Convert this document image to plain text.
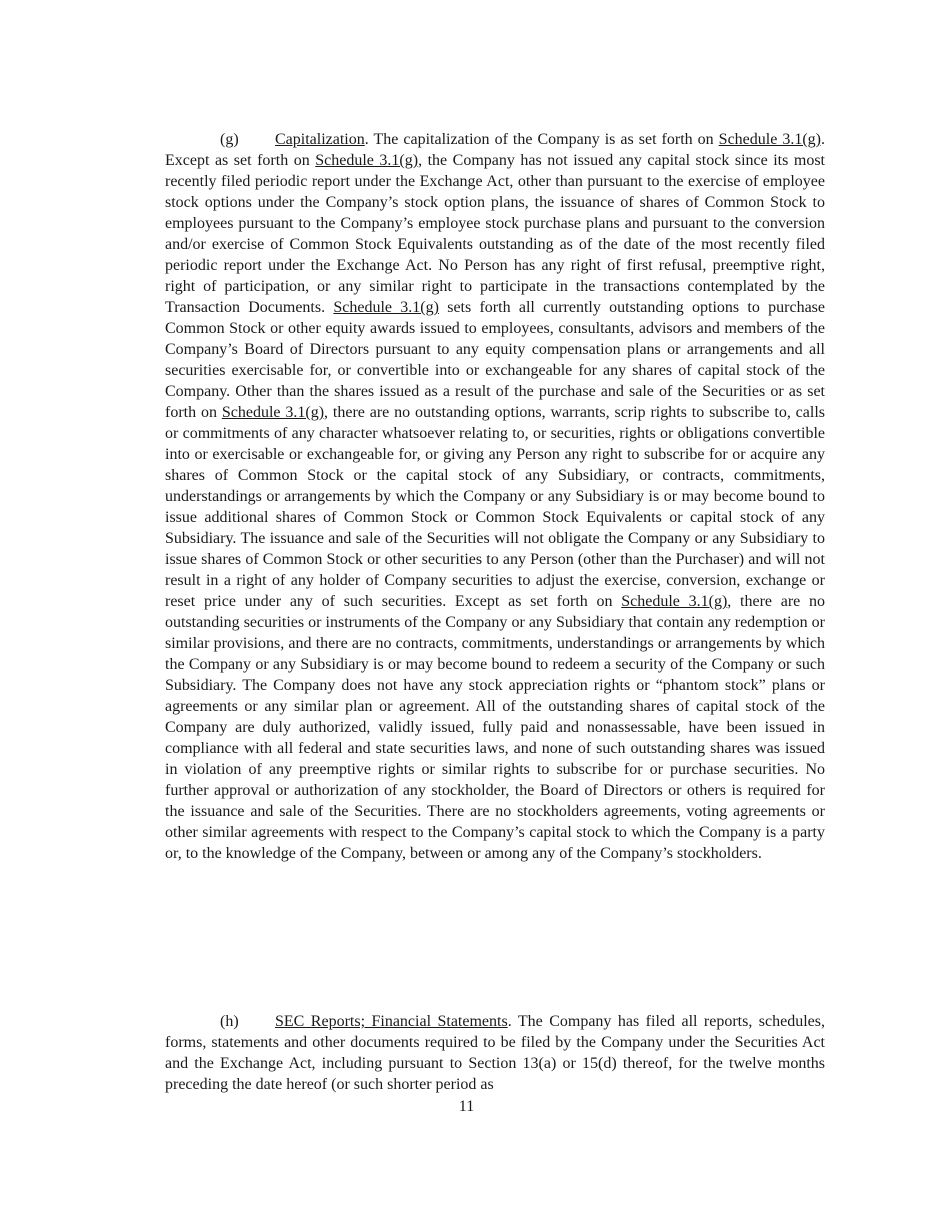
(g) Capitalization. The capitalization of the Company is as set forth on Schedule 3.1(g). Except as set forth on Schedule 3.1(g), the Company has not issued any capital stock since its most recently filed periodic report under the Exchange Act, other than pursuant to the exercise of employee stock options under the Company’s stock option plans, the issuance of shares of Common Stock to employees pursuant to the Company’s employee stock purchase plans and pursuant to the conversion and/or exercise of Common Stock Equivalents outstanding as of the date of the most recently filed periodic report under the Exchange Act. No Person has any right of first refusal, preemptive right, right of participation, or any similar right to participate in the transactions contemplated by the Transaction Documents. Schedule 3.1(g) sets forth all currently outstanding options to purchase Common Stock or other equity awards issued to employees, consultants, advisors and members of the Company’s Board of Directors pursuant to any equity compensation plans or arrangements and all securities exercisable for, or convertible into or exchangeable for any shares of capital stock of the Company. Other than the shares issued as a result of the purchase and sale of the Securities or as set forth on Schedule 3.1(g), there are no outstanding options, warrants, scrip rights to subscribe to, calls or commitments of any character whatsoever relating to, or securities, rights or obligations convertible into or exercisable or exchangeable for, or giving any Person any right to subscribe for or acquire any shares of Common Stock or the capital stock of any Subsidiary, or contracts, commitments, understandings or arrangements by which the Company or any Subsidiary is or may become bound to issue additional shares of Common Stock or Common Stock Equivalents or capital stock of any Subsidiary. The issuance and sale of the Securities will not obligate the Company or any Subsidiary to issue shares of Common Stock or other securities to any Person (other than the Purchaser) and will not result in a right of any holder of Company securities to adjust the exercise, conversion, exchange or reset price under any of such securities. Except as set forth on Schedule 3.1(g), there are no outstanding securities or instruments of the Company or any Subsidiary that contain any redemption or similar provisions, and there are no contracts, commitments, understandings or arrangements by which the Company or any Subsidiary is or may become bound to redeem a security of the Company or such Subsidiary. The Company does not have any stock appreciation rights or “phantom stock” plans or agreements or any similar plan or agreement. All of the outstanding shares of capital stock of the Company are duly authorized, validly issued, fully paid and nonassessable, have been issued in compliance with all federal and state securities laws, and none of such outstanding shares was issued in violation of any preemptive rights or similar rights to subscribe for or purchase securities. No further approval or authorization of any stockholder, the Board of Directors or others is required for the issuance and sale of the Securities. There are no stockholders agreements, voting agreements or other similar agreements with respect to the Company’s capital stock to which the Company is a party or, to the knowledge of the Company, between or among any of the Company’s stockholders.

(h) SEC Reports; Financial Statements. The Company has filed all reports, schedules, forms, statements and other documents required to be filed by the Company under the Securities Act and the Exchange Act, including pursuant to Section 13(a) or 15(d) thereof, for the twelve months preceding the date hereof (or such shorter period as

11
